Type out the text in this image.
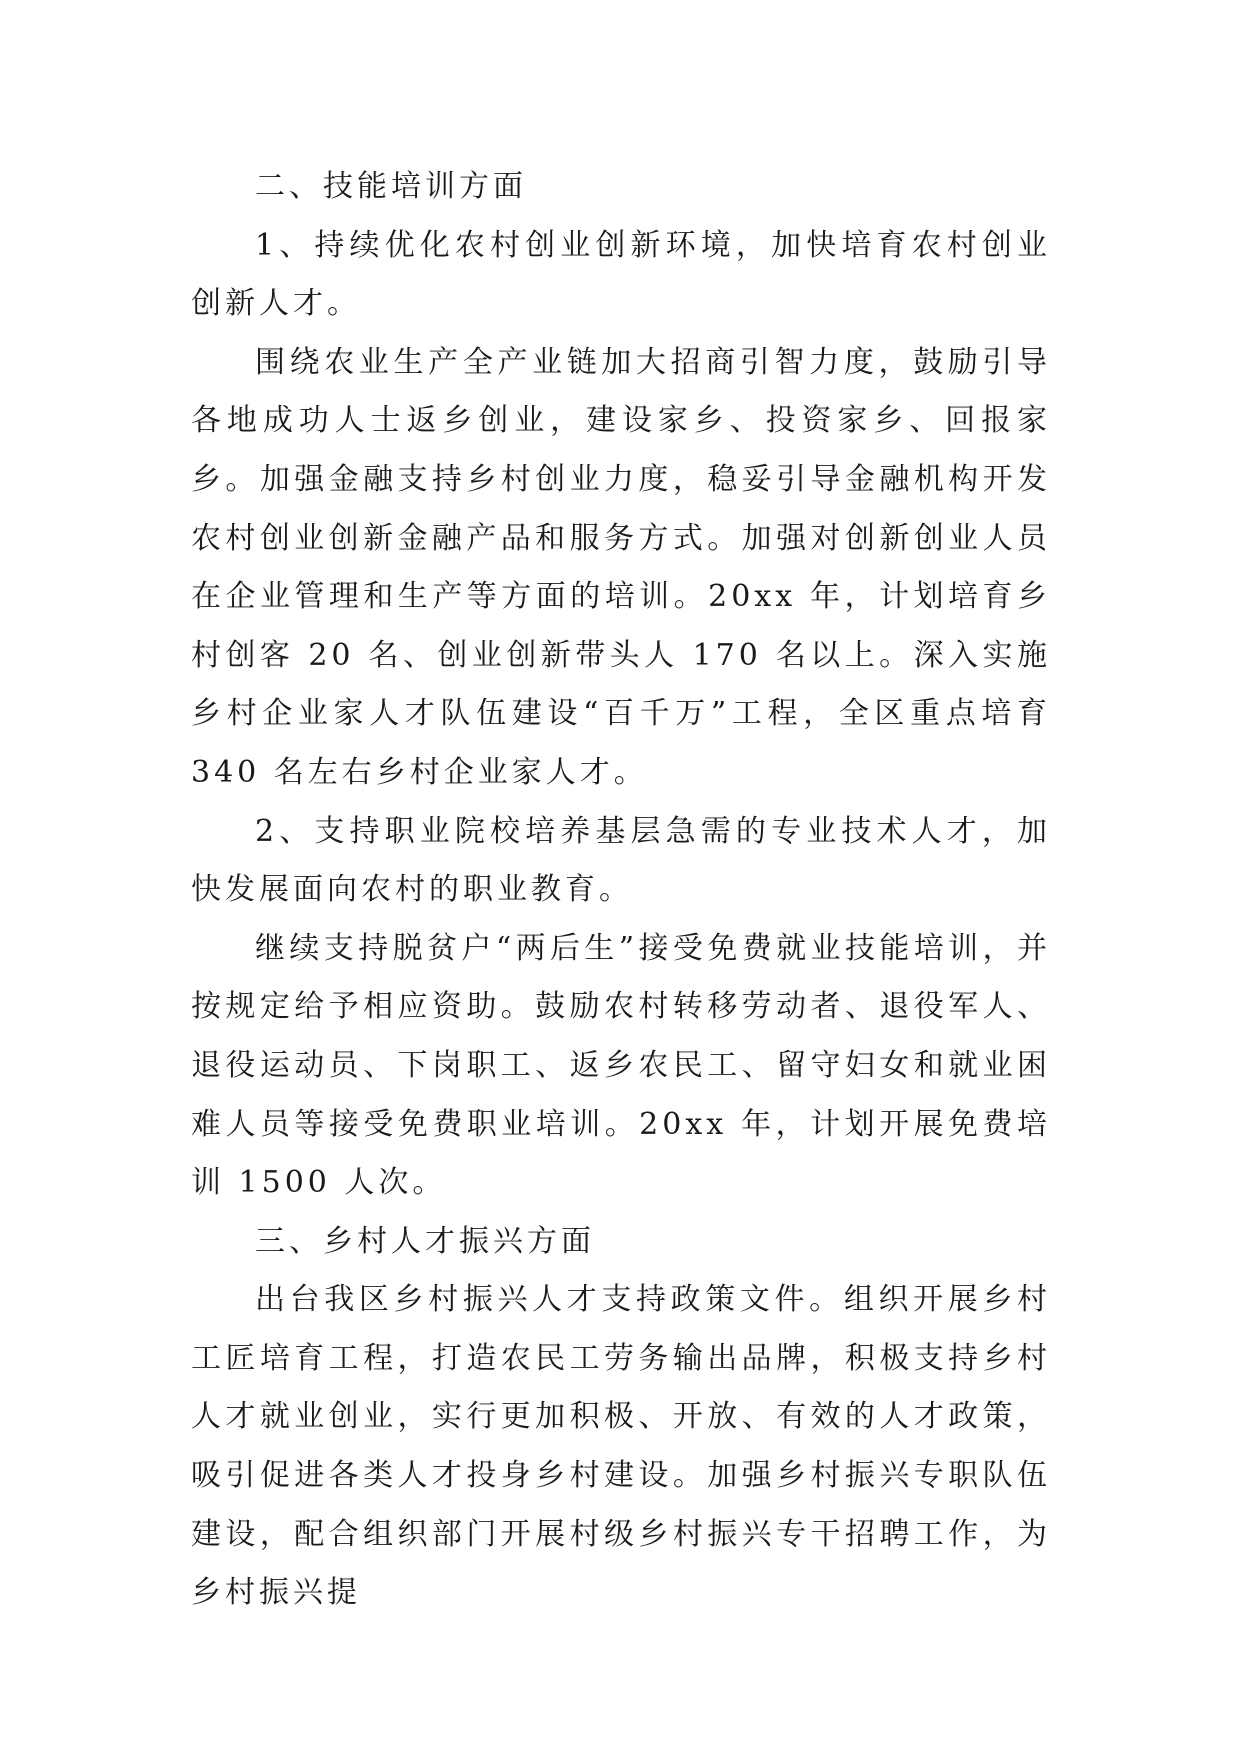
二、技能培训方面

1、持续优化农村创业创新环境，加快培育农村创业创新人才。

围绕农业生产全产业链加大招商引智力度，鼓励引导各地成功人士返乡创业，建设家乡、投资家乡、回报家乡。加强金融支持乡村创业力度，稳妥引导金融机构开发农村创业创新金融产品和服务方式。加强对创新创业人员在企业管理和生产等方面的培训。20xx 年，计划培育乡村创客 20 名、创业创新带头人 170 名以上。深入实施乡村企业家人才队伍建设“百千万”工程，全区重点培育 340 名左右乡村企业家人才。

2、支持职业院校培养基层急需的专业技术人才，加快发展面向农村的职业教育。

继续支持脱贫户“两后生”接受免费就业技能培训，并按规定给予相应资助。鼓励农村转移劳动者、退役军人、退役运动员、下岗职工、返乡农民工、留守妇女和就业困难人员等接受免费职业培训。20xx 年，计划开展免费培训 1500 人次。

三、乡村人才振兴方面

出台我区乡村振兴人才支持政策文件。组织开展乡村工匠培育工程，打造农民工劳务输出品牌，积极支持乡村人才就业创业，实行更加积极、开放、有效的人才政策，吸引促进各类人才投身乡村建设。加强乡村振兴专职队伍建设，配合组织部门开展村级乡村振兴专干招聘工作，为乡村振兴提
